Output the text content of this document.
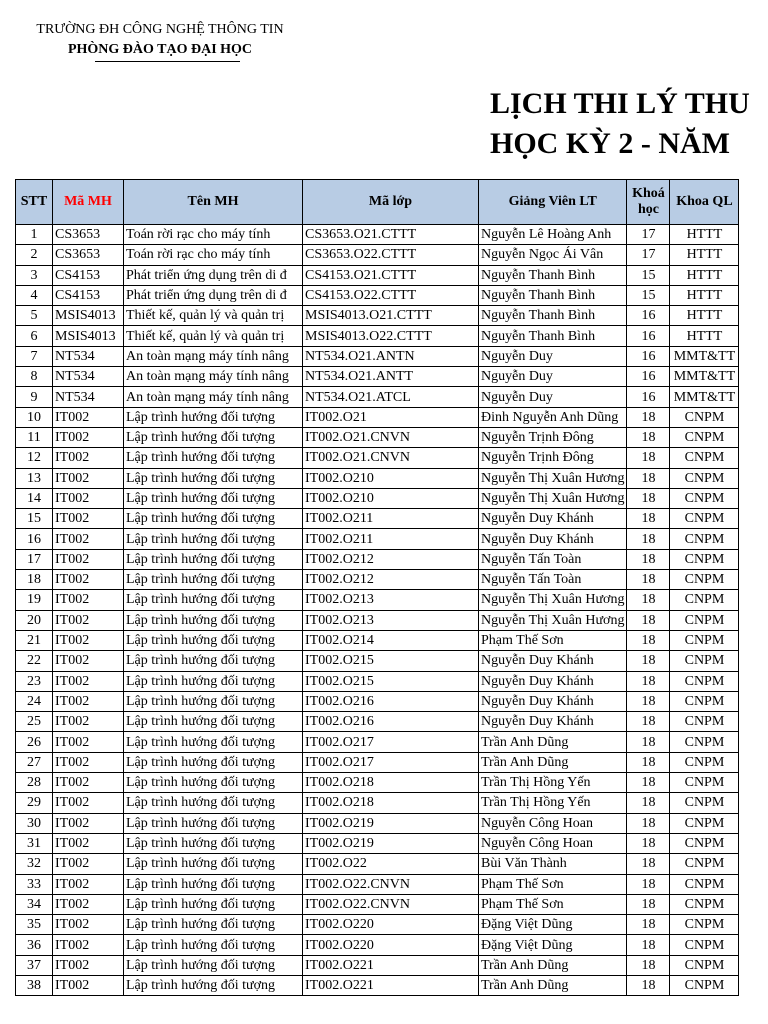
TRƯỜNG ĐH CÔNG NGHỆ THÔNG TIN
PHÒNG ĐÀO TẠO ĐẠI HỌC
LỊCH THI LÝ THU
HỌC KỲ 2 - NĂM
STT	Mã MH	Tên MH	Mã lớp	Giảng Viên LT	Khoá học	Khoa QL
1	CS3653	Toán rời rạc cho máy tính	CS3653.O21.CTTT	Nguyễn Lê Hoàng Anh	17	HTTT
2	CS3653	Toán rời rạc cho máy tính	CS3653.O22.CTTT	Nguyễn Ngọc Ái Vân	17	HTTT
3	CS4153	Phát triển ứng dụng trên di đ	CS4153.O21.CTTT	Nguyễn Thanh Bình	15	HTTT
4	CS4153	Phát triển ứng dụng trên di đ	CS4153.O22.CTTT	Nguyễn Thanh Bình	15	HTTT
5	MSIS4013	Thiết kế, quản lý và quản trị	MSIS4013.O21.CTTT	Nguyễn Thanh Bình	16	HTTT
6	MSIS4013	Thiết kế, quản lý và quản trị	MSIS4013.O22.CTTT	Nguyễn Thanh Bình	16	HTTT
7	NT534	An toàn mạng máy tính nâng	NT534.O21.ANTN	Nguyễn Duy	16	MMT&TT
8	NT534	An toàn mạng máy tính nâng	NT534.O21.ANTT	Nguyễn Duy	16	MMT&TT
9	NT534	An toàn mạng máy tính nâng	NT534.O21.ATCL	Nguyễn Duy	16	MMT&TT
10	IT002	Lập trình hướng đối tượng	IT002.O21	Đinh Nguyễn Anh Dũng	18	CNPM
11	IT002	Lập trình hướng đối tượng	IT002.O21.CNVN	Nguyễn Trịnh Đông	18	CNPM
12	IT002	Lập trình hướng đối tượng	IT002.O21.CNVN	Nguyễn Trịnh Đông	18	CNPM
13	IT002	Lập trình hướng đối tượng	IT002.O210	Nguyễn Thị Xuân Hương	18	CNPM
14	IT002	Lập trình hướng đối tượng	IT002.O210	Nguyễn Thị Xuân Hương	18	CNPM
15	IT002	Lập trình hướng đối tượng	IT002.O211	Nguyễn Duy Khánh	18	CNPM
16	IT002	Lập trình hướng đối tượng	IT002.O211	Nguyễn Duy Khánh	18	CNPM
17	IT002	Lập trình hướng đối tượng	IT002.O212	Nguyễn Tấn Toàn	18	CNPM
18	IT002	Lập trình hướng đối tượng	IT002.O212	Nguyễn Tấn Toàn	18	CNPM
19	IT002	Lập trình hướng đối tượng	IT002.O213	Nguyễn Thị Xuân Hương	18	CNPM
20	IT002	Lập trình hướng đối tượng	IT002.O213	Nguyễn Thị Xuân Hương	18	CNPM
21	IT002	Lập trình hướng đối tượng	IT002.O214	Phạm Thế Sơn	18	CNPM
22	IT002	Lập trình hướng đối tượng	IT002.O215	Nguyễn Duy Khánh	18	CNPM
23	IT002	Lập trình hướng đối tượng	IT002.O215	Nguyễn Duy Khánh	18	CNPM
24	IT002	Lập trình hướng đối tượng	IT002.O216	Nguyễn Duy Khánh	18	CNPM
25	IT002	Lập trình hướng đối tượng	IT002.O216	Nguyễn Duy Khánh	18	CNPM
26	IT002	Lập trình hướng đối tượng	IT002.O217	Trần Anh Dũng	18	CNPM
27	IT002	Lập trình hướng đối tượng	IT002.O217	Trần Anh Dũng	18	CNPM
28	IT002	Lập trình hướng đối tượng	IT002.O218	Trần Thị Hồng Yến	18	CNPM
29	IT002	Lập trình hướng đối tượng	IT002.O218	Trần Thị Hồng Yến	18	CNPM
30	IT002	Lập trình hướng đối tượng	IT002.O219	Nguyễn Công Hoan	18	CNPM
31	IT002	Lập trình hướng đối tượng	IT002.O219	Nguyễn Công Hoan	18	CNPM
32	IT002	Lập trình hướng đối tượng	IT002.O22	Bùi Văn Thành	18	CNPM
33	IT002	Lập trình hướng đối tượng	IT002.O22.CNVN	Phạm Thế Sơn	18	CNPM
34	IT002	Lập trình hướng đối tượng	IT002.O22.CNVN	Phạm Thế Sơn	18	CNPM
35	IT002	Lập trình hướng đối tượng	IT002.O220	Đặng Việt Dũng	18	CNPM
36	IT002	Lập trình hướng đối tượng	IT002.O220	Đặng Việt Dũng	18	CNPM
37	IT002	Lập trình hướng đối tượng	IT002.O221	Trần Anh Dũng	18	CNPM
38	IT002	Lập trình hướng đối tượng	IT002.O221	Trần Anh Dũng	18	CNPM
